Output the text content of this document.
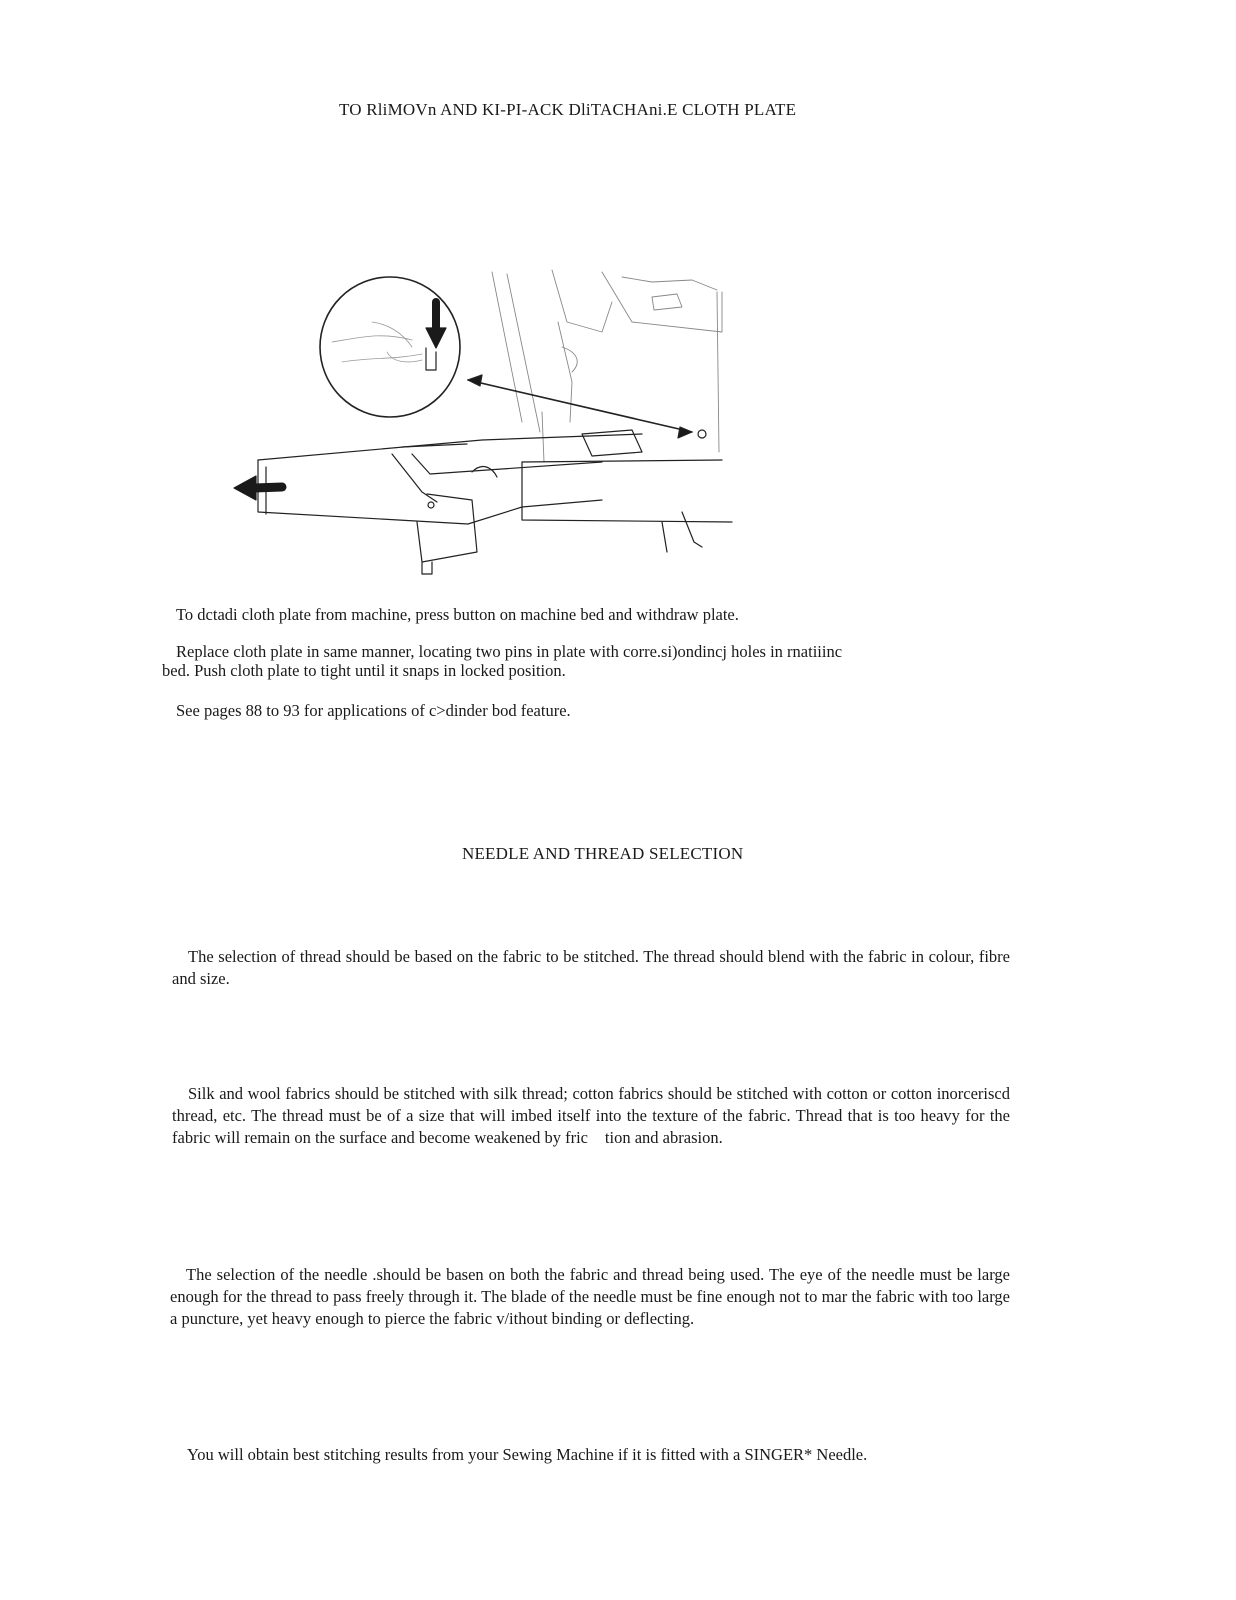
TO RliMOVn AND KI-PI-ACK DliTACHAni.E CLOTH PLATE
To dctadi cloth plate from machine, press button on machine bed and withdraw plate.
Replace cloth plate in same manner, locating two pins in plate with corre.si)ondincj holes in rnatiiinc
bed. Push cloth plate to tight until it snaps in locked position.
See pages 88 to 93 for applications of c>dinder bod feature.
NEEDLE AND THREAD SELECTION
The selection of thread should be based on the fabric to be stitched. The thread should blend with the fabric in colour, fibre and size.
Silk and wool fabrics should be stitched with silk thread; cotton fabrics should be stitched with cotton or cotton inorceriscd thread, etc. The thread must be of a size that will imbed itself into the texture of the fabric. Thread that is too heavy for the fabric will remain on the surface and become weakened by fric  tion and abrasion.
The selection of the needle .should be basen on both the fabric and thread being used. The eye of the needle must be large enough for the thread to pass freely through it. The blade of the needle must be fine enough not to mar the fabric with too large a puncture, yet heavy enough to pierce the fabric v/ithout binding or deflecting.
You will obtain best stitching results from your Sewing Machine if it is fitted with a SINGER* Needle.
